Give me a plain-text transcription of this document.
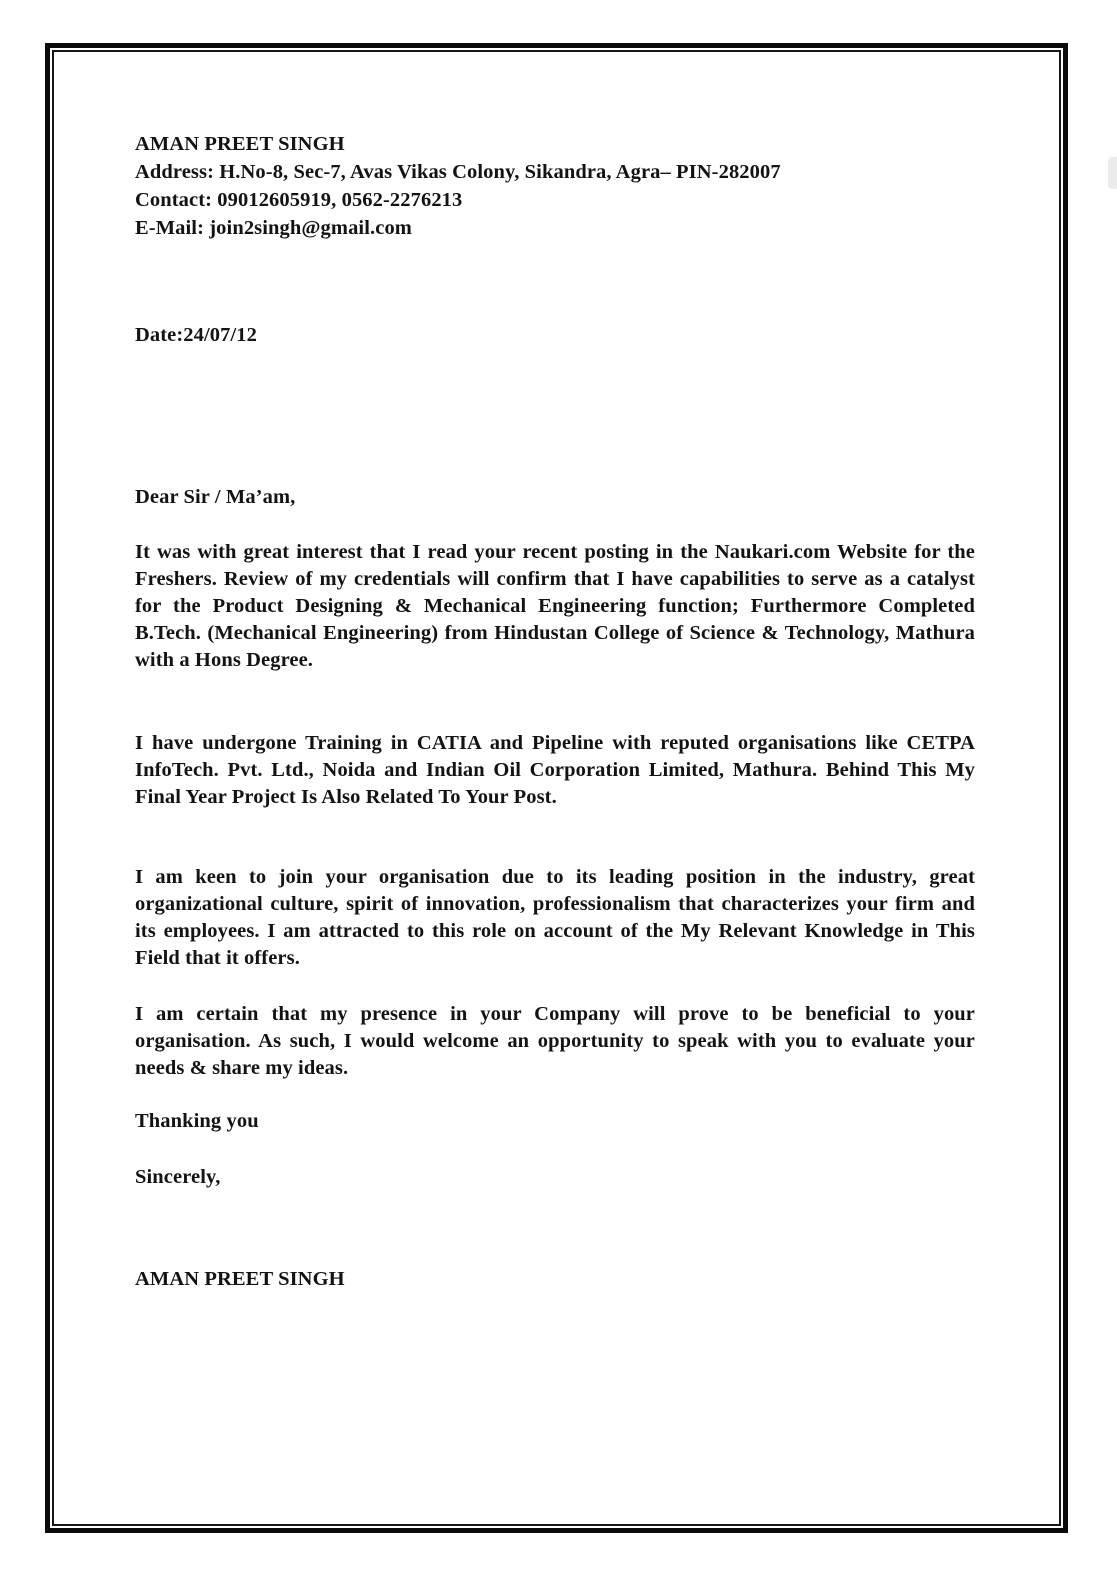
AMAN PREET SINGH
Address: H.No-8, Sec-7, Avas Vikas Colony, Sikandra, Agra– PIN-282007
Contact: 09012605919, 0562-2276213
E-Mail: join2singh@gmail.com
Date:24/07/12
Dear Sir / Ma’am,

It was with great interest that I read your recent posting in the Naukari.com Website for the Freshers. Review of my credentials will confirm that I have capabilities to serve as a catalyst for the Product Designing & Mechanical Engineering function; Furthermore Completed B.Tech. (Mechanical Engineering) from Hindustan College of Science & Technology, Mathura with a Hons Degree.

I have undergone Training in CATIA and Pipeline with reputed organisations like CETPA InfoTech. Pvt. Ltd., Noida and Indian Oil Corporation Limited, Mathura. Behind This My Final Year Project Is Also Related To Your Post.

I am keen to join your organisation due to its leading position in the industry, great organizational culture, spirit of innovation, professionalism that characterizes your firm and its employees. I am attracted to this role on account of the My Relevant Knowledge in This Field that it offers.

I am certain that my presence in your Company will prove to be beneficial to your organisation. As such, I would welcome an opportunity to speak with you to evaluate your needs & share my ideas.

Thanking you
Sincerely,
AMAN PREET SINGH
